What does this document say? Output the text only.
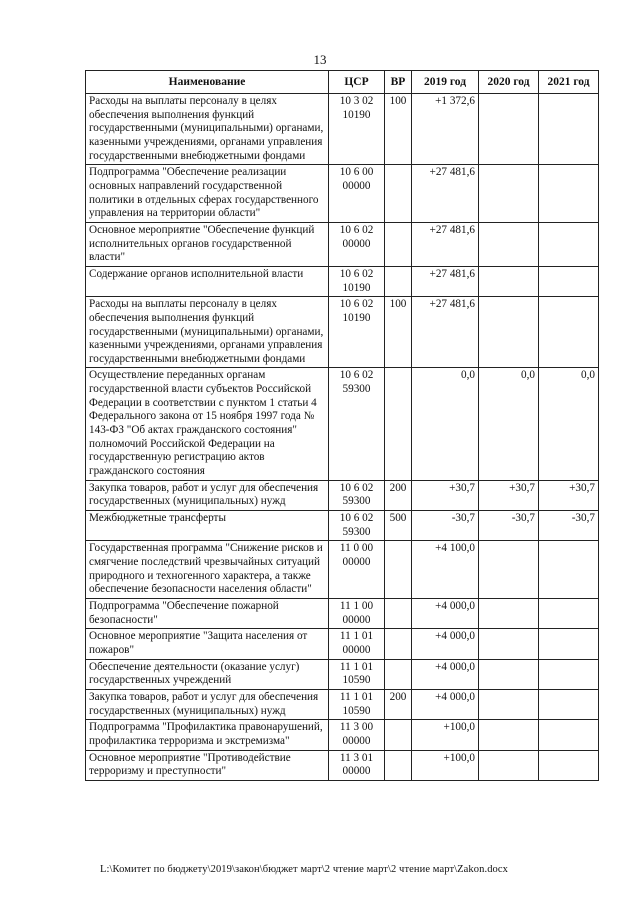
13
Наименование	ЦСР	ВР	2019 год	2020 год	2021 год
Расходы на выплаты персоналу в целях обеспечения выполнения функций государственными (муниципальными) органами, казенными учреждениями, органами управления государственными внебюджетными фондами	10 3 02 10190	100	+1 372,6		
Подпрограмма "Обеспечение реализации основных направлений государственной политики в отдельных сферах государственного управления на территории области"	10 6 00 00000		+27 481,6		
Основное мероприятие "Обеспечение функций исполнительных органов государственной власти"	10 6 02 00000		+27 481,6		
Содержание органов исполнительной власти	10 6 02 10190		+27 481,6		
Расходы на выплаты персоналу в целях обеспечения выполнения функций государственными (муниципальными) органами, казенными учреждениями, органами управления государственными внебюджетными фондами	10 6 02 10190	100	+27 481,6		
Осуществление переданных органам государственной власти субъектов Российской Федерации в соответствии с пунктом 1 статьи 4 Федерального закона от 15 ноября 1997 года № 143-ФЗ "Об актах гражданского состояния" полномочий Российской Федерации на государственную регистрацию актов гражданского состояния	10 6 02 59300		0,0	0,0	0,0
Закупка товаров, работ и услуг для обеспечения государственных (муниципальных) нужд	10 6 02 59300	200	+30,7	+30,7	+30,7
Межбюджетные трансферты	10 6 02 59300	500	-30,7	-30,7	-30,7
Государственная программа "Снижение рисков и смягчение последствий чрезвычайных ситуаций природного и техногенного характера, а также обеспечение безопасности населения области"	11 0 00 00000		+4 100,0		
Подпрограмма "Обеспечение пожарной безопасности"	11 1 00 00000		+4 000,0		
Основное мероприятие "Защита населения от пожаров"	11 1 01 00000		+4 000,0		
Обеспечение деятельности (оказание услуг) государственных учреждений	11 1 01 10590		+4 000,0		
Закупка товаров, работ и услуг для обеспечения государственных (муниципальных) нужд	11 1 01 10590	200	+4 000,0		
Подпрограмма "Профилактика правонарушений, профилактика терроризма и экстремизма"	11 3 00 00000		+100,0		
Основное мероприятие "Противодействие терроризму и преступности"	11 3 01 00000		+100,0		
L:\Комитет по бюджету\2019\закон\бюджет март\2 чтение март\2 чтение март\Zakon.docx
